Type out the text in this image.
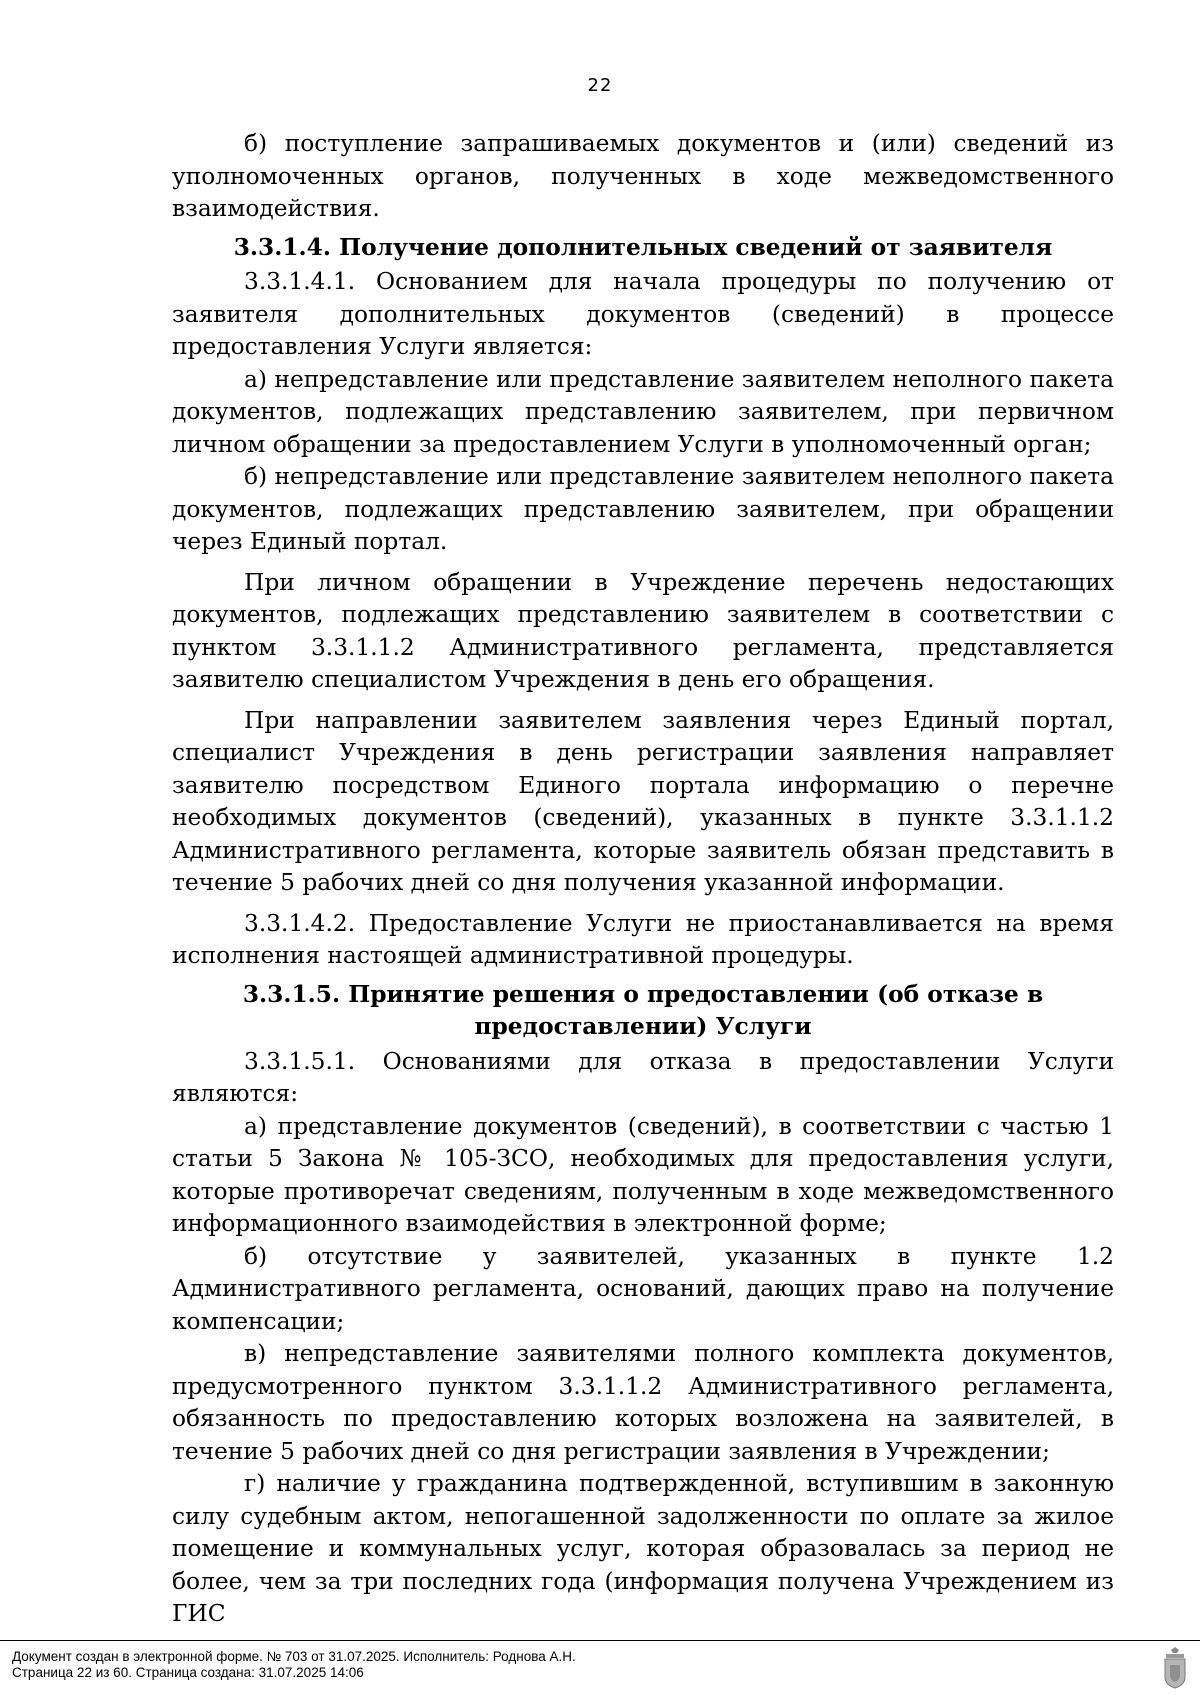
22

б) поступление запрашиваемых документов и (или) сведений из уполномоченных органов, полученных в ходе межведомственного взаимодействия.

3.3.1.4. Получение дополнительных сведений от заявителя

3.3.1.4.1. Основанием для начала процедуры по получению от заявителя дополнительных документов (сведений) в процессе предоставления Услуги является:

а) непредставление или представление заявителем неполного пакета документов, подлежащих представлению заявителем, при первичном личном обращении за предоставлением Услуги в уполномоченный орган;

б) непредставление или представление заявителем неполного пакета документов, подлежащих представлению заявителем, при обращении через Единый портал.

При личном обращении в Учреждение перечень недостающих документов, подлежащих представлению заявителем в соответствии с пунктом 3.3.1.1.2 Административного регламента, представляется заявителю специалистом Учреждения в день его обращения.

При направлении заявителем заявления через Единый портал, специалист Учреждения в день регистрации заявления направляет заявителю посредством Единого портала информацию о перечне необходимых документов (сведений), указанных в пункте 3.3.1.1.2 Административного регламента, которые заявитель обязан представить в течение 5 рабочих дней со дня получения указанной информации.

3.3.1.4.2. Предоставление Услуги не приостанавливается на время исполнения настоящей административной процедуры.

3.3.1.5. Принятие решения о предоставлении (об отказе в предоставлении) Услуги

3.3.1.5.1. Основаниями для отказа в предоставлении Услуги являются:

а) представление документов (сведений), в соответствии с частью 1 статьи 5 Закона № 105-ЗСО, необходимых для предоставления услуги, которые противоречат сведениям, полученным в ходе межведомственного информационного взаимодействия в электронной форме;

б) отсутствие у заявителей, указанных в пункте 1.2 Административного регламента, оснований, дающих право на получение компенсации;

в) непредставление заявителями полного комплекта документов, предусмотренного пунктом 3.3.1.1.2 Административного регламента, обязанность по предоставлению которых возложена на заявителей, в течение 5 рабочих дней со дня регистрации заявления в Учреждении;

г) наличие у гражданина подтвержденной, вступившим в законную силу судебным актом, непогашенной задолженности по оплате за жилое помещение и коммунальных услуг, которая образовалась за период не более, чем за три последних года (информация получена Учреждением из ГИС

Документ создан в электронной форме. № 703 от 31.07.2025. Исполнитель: Роднова А.Н.
Страница 22 из 60. Страница создана: 31.07.2025 14:06
